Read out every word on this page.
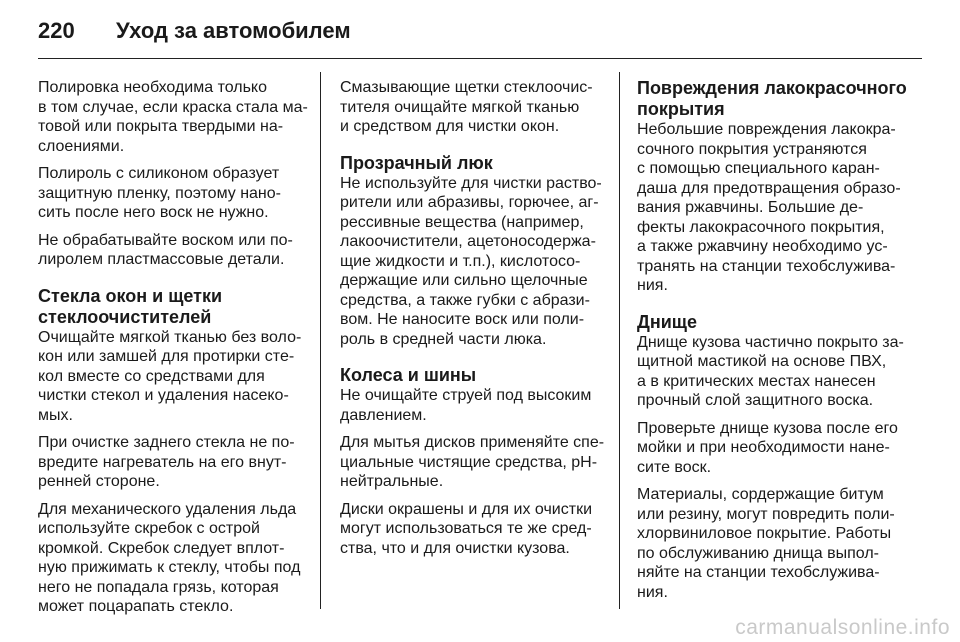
220	Уход за автомобилем
Полировка необходима только
в том случае, если краска стала ма-
товой или покрыта твердыми на-
слоениями.
Полироль с силиконом образует
защитную пленку, поэтому нано-
сить после него воск не нужно.
Не обрабатывайте воском или по-
лиролем пластмассовые детали.
Стекла окон и щетки
стеклоочистителей
Очищайте мягкой тканью без воло-
кон или замшей для протирки сте-
кол вместе со средствами для
чистки стекол и удаления насеко-
мых.
При очистке заднего стекла не по-
вредите нагреватель на его внут-
ренней стороне.
Для механического удаления льда
используйте скребок с острой
кромкой. Скребок следует вплот-
ную прижимать к стеклу, чтобы под
него не попадала грязь, которая
может поцарапать стекло.
Смазывающие щетки стеклоочис-
тителя очищайте мягкой тканью
и средством для чистки окон.
Прозрачный люк
Не используйте для чистки раство-
рители или абразивы, горючее, аг-
рессивные вещества (например,
лакоочистители, ацетоносодержа-
щие жидкости и т.п.), кислотосо-
держащие или сильно щелочные
средства, а также губки с абрази-
вом. Не наносите воск или поли-
роль в средней части люка.
Колеса и шины
Не очищайте струей под высоким
давлением.
Для мытья дисков применяйте спе-
циальные чистящие средства, pH-
нейтральные.
Диски окрашены и для их очистки
могут использоваться те же сред-
ства, что и для очистки кузова.
Повреждения лакокрасочного
покрытия
Небольшие повреждения лакокра-
сочного покрытия устраняются
с помощью специального каран-
даша для предотвращения образо-
вания ржавчины. Большие де-
фекты лакокрасочного покрытия,
а также ржавчину необходимо ус-
транять на станции техобслужива-
ния.
Днище
Днище кузова частично покрыто за-
щитной мастикой на основе ПВХ,
а в критических местах нанесен
прочный слой защитного воска.
Проверьте днище кузова после его
мойки и при необходимости нане-
сите воск.
Материалы, сордержащие битум
или резину, могут повредить поли-
хлорвиниловое покрытие. Работы
по обслуживанию днища выпол-
няйте на станции техобслужива-
ния.
carmanualsonline.info
